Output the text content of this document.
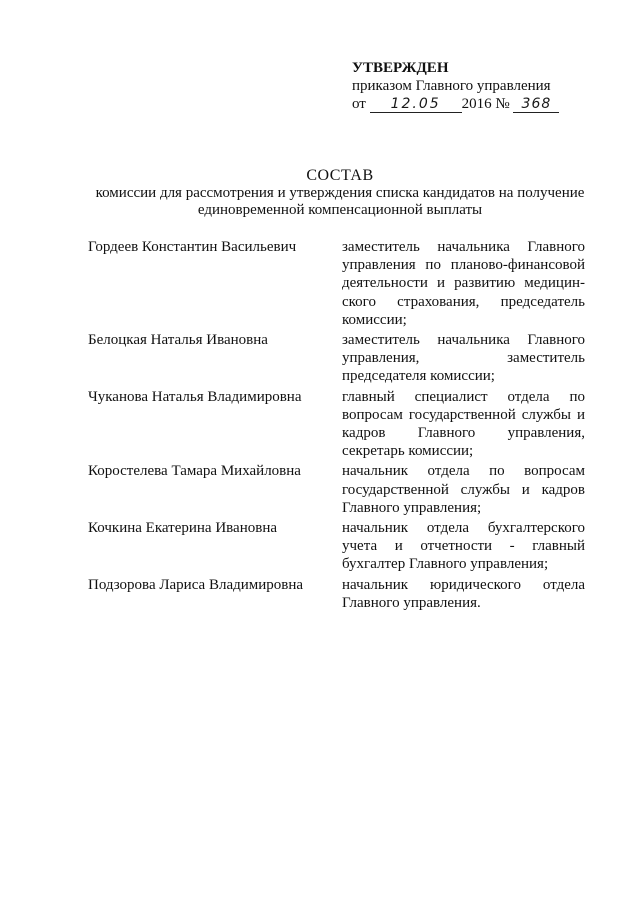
УТВЕРЖДЕН
приказом Главного управления
от 12.05 2016 № 368
СОСТАВ
комиссии для рассмотрения и утверждения списка кандидатов на получение
единовременной компенсационной выплаты
Гордеев Константин Васильевич	заместитель начальника Главного управления по планово-финансовой деятельности и развитию медицин-ского страхования, председатель комиссии;
Белоцкая Наталья Ивановна	заместитель начальника Главного управления, заместитель председателя комиссии;
Чуканова Наталья Владимировна	главный специалист отдела по вопросам государственной службы и кадров Главного управления, секретарь комиссии;
Коростелева Тамара Михайловна	начальник отдела по вопросам государственной службы и кадров Главного управления;
Кочкина Екатерина Ивановна	начальник отдела бухгалтерского учета и отчетности - главный бухгалтер Главного управления;
Подзорова Лариса Владимировна	начальник юридического отдела Главного управления.
